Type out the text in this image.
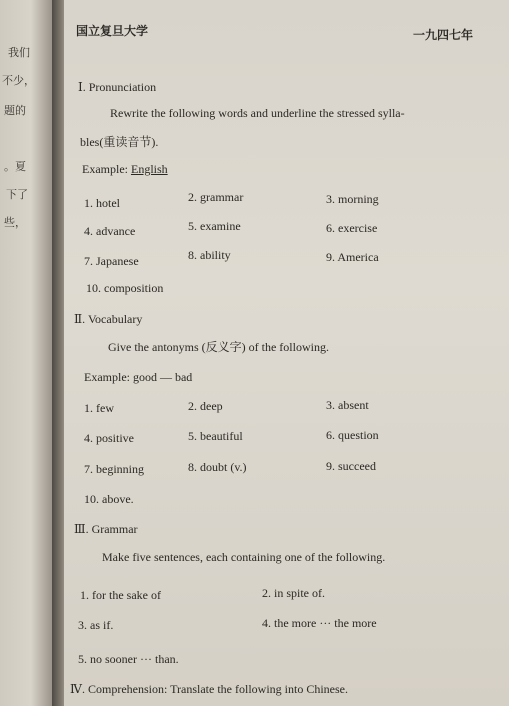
我们
不少，
题的
。夏
下了
些，
国立复旦大学	一九四七年
Ⅰ. Pronunciation
Rewrite the following words and underline the stressed sylla-
bles(重读音节).
Example: English
1. hotel	2. grammar	3. morning
4. advance	5. examine	6. exercise
7. Japanese	8. ability	9. America
10. composition
Ⅱ. Vocabulary
Give the antonyms (反义字) of the following.
Example: good — bad
1. few	2. deep	3. absent
4. positive	5. beautiful	6. question
7. beginning	8. doubt (v.)	9. succeed
10. above.
Ⅲ. Grammar
Make five sentences, each containing one of the following.
1. for the sake of	2. in spite of.
3. as if.	4. the more ··· the more
5. no sooner ··· than.
Ⅳ. Comprehension: Translate the following into Chinese.
